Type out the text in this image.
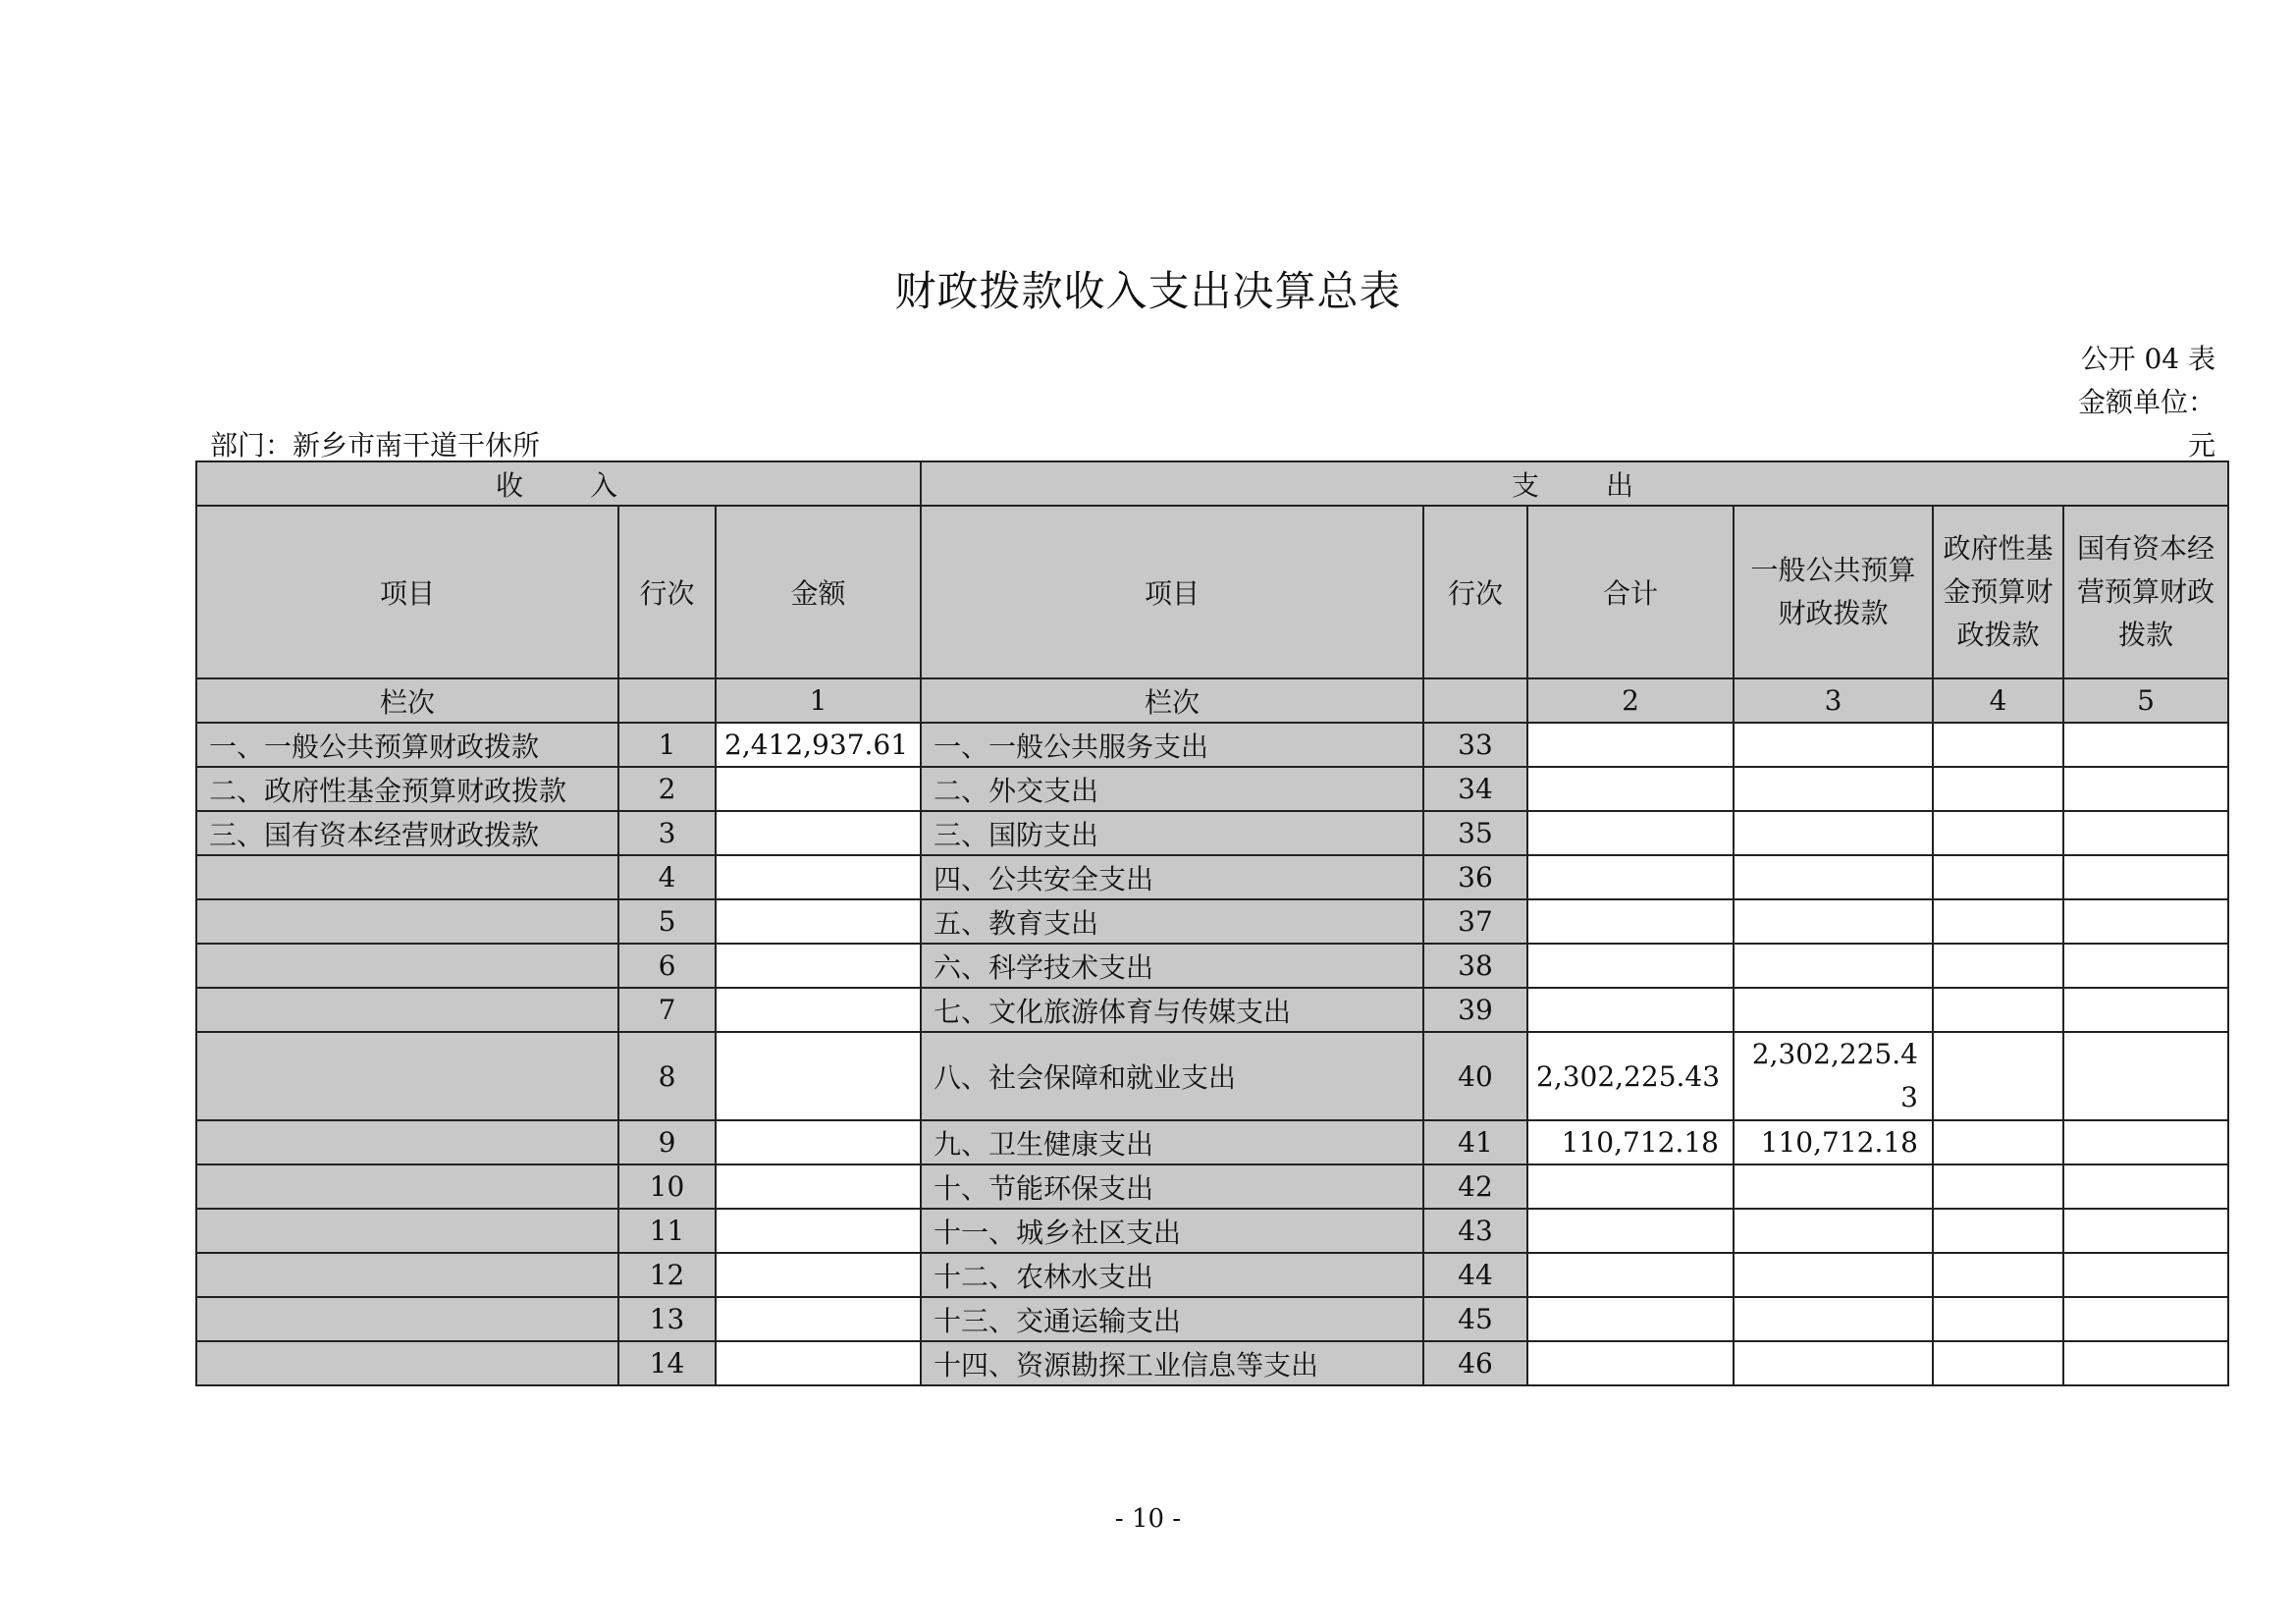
财政拨款收入支出决算总表
公开 04 表
金额单位：
元
部门：新乡市南干道干休所
收　　入			支　　出					
项目	行次	金额	项目	行次	合计	一般公共预算财政拨款	政府性基金预算财政拨款	国有资本经营预算财政拨款
栏次		1	栏次		2	3	4	5
一、一般公共预算财政拨款	1	2,412,937.61	一、一般公共服务支出	33				
二、政府性基金预算财政拨款	2		二、外交支出	34				
三、国有资本经营财政拨款	3		三、国防支出	35				
	4		四、公共安全支出	36				
	5		五、教育支出	37				
	6		六、科学技术支出	38				
	7		七、文化旅游体育与传媒支出	39				
	8		八、社会保障和就业支出	40	2,302,225.43	2,302,225.43		
	9		九、卫生健康支出	41	110,712.18	110,712.18		
	10		十、节能环保支出	42				
	11		十一、城乡社区支出	43				
	12		十二、农林水支出	44				
	13		十三、交通运输支出	45				
	14		十四、资源勘探工业信息等支出	46				
- 10 -
